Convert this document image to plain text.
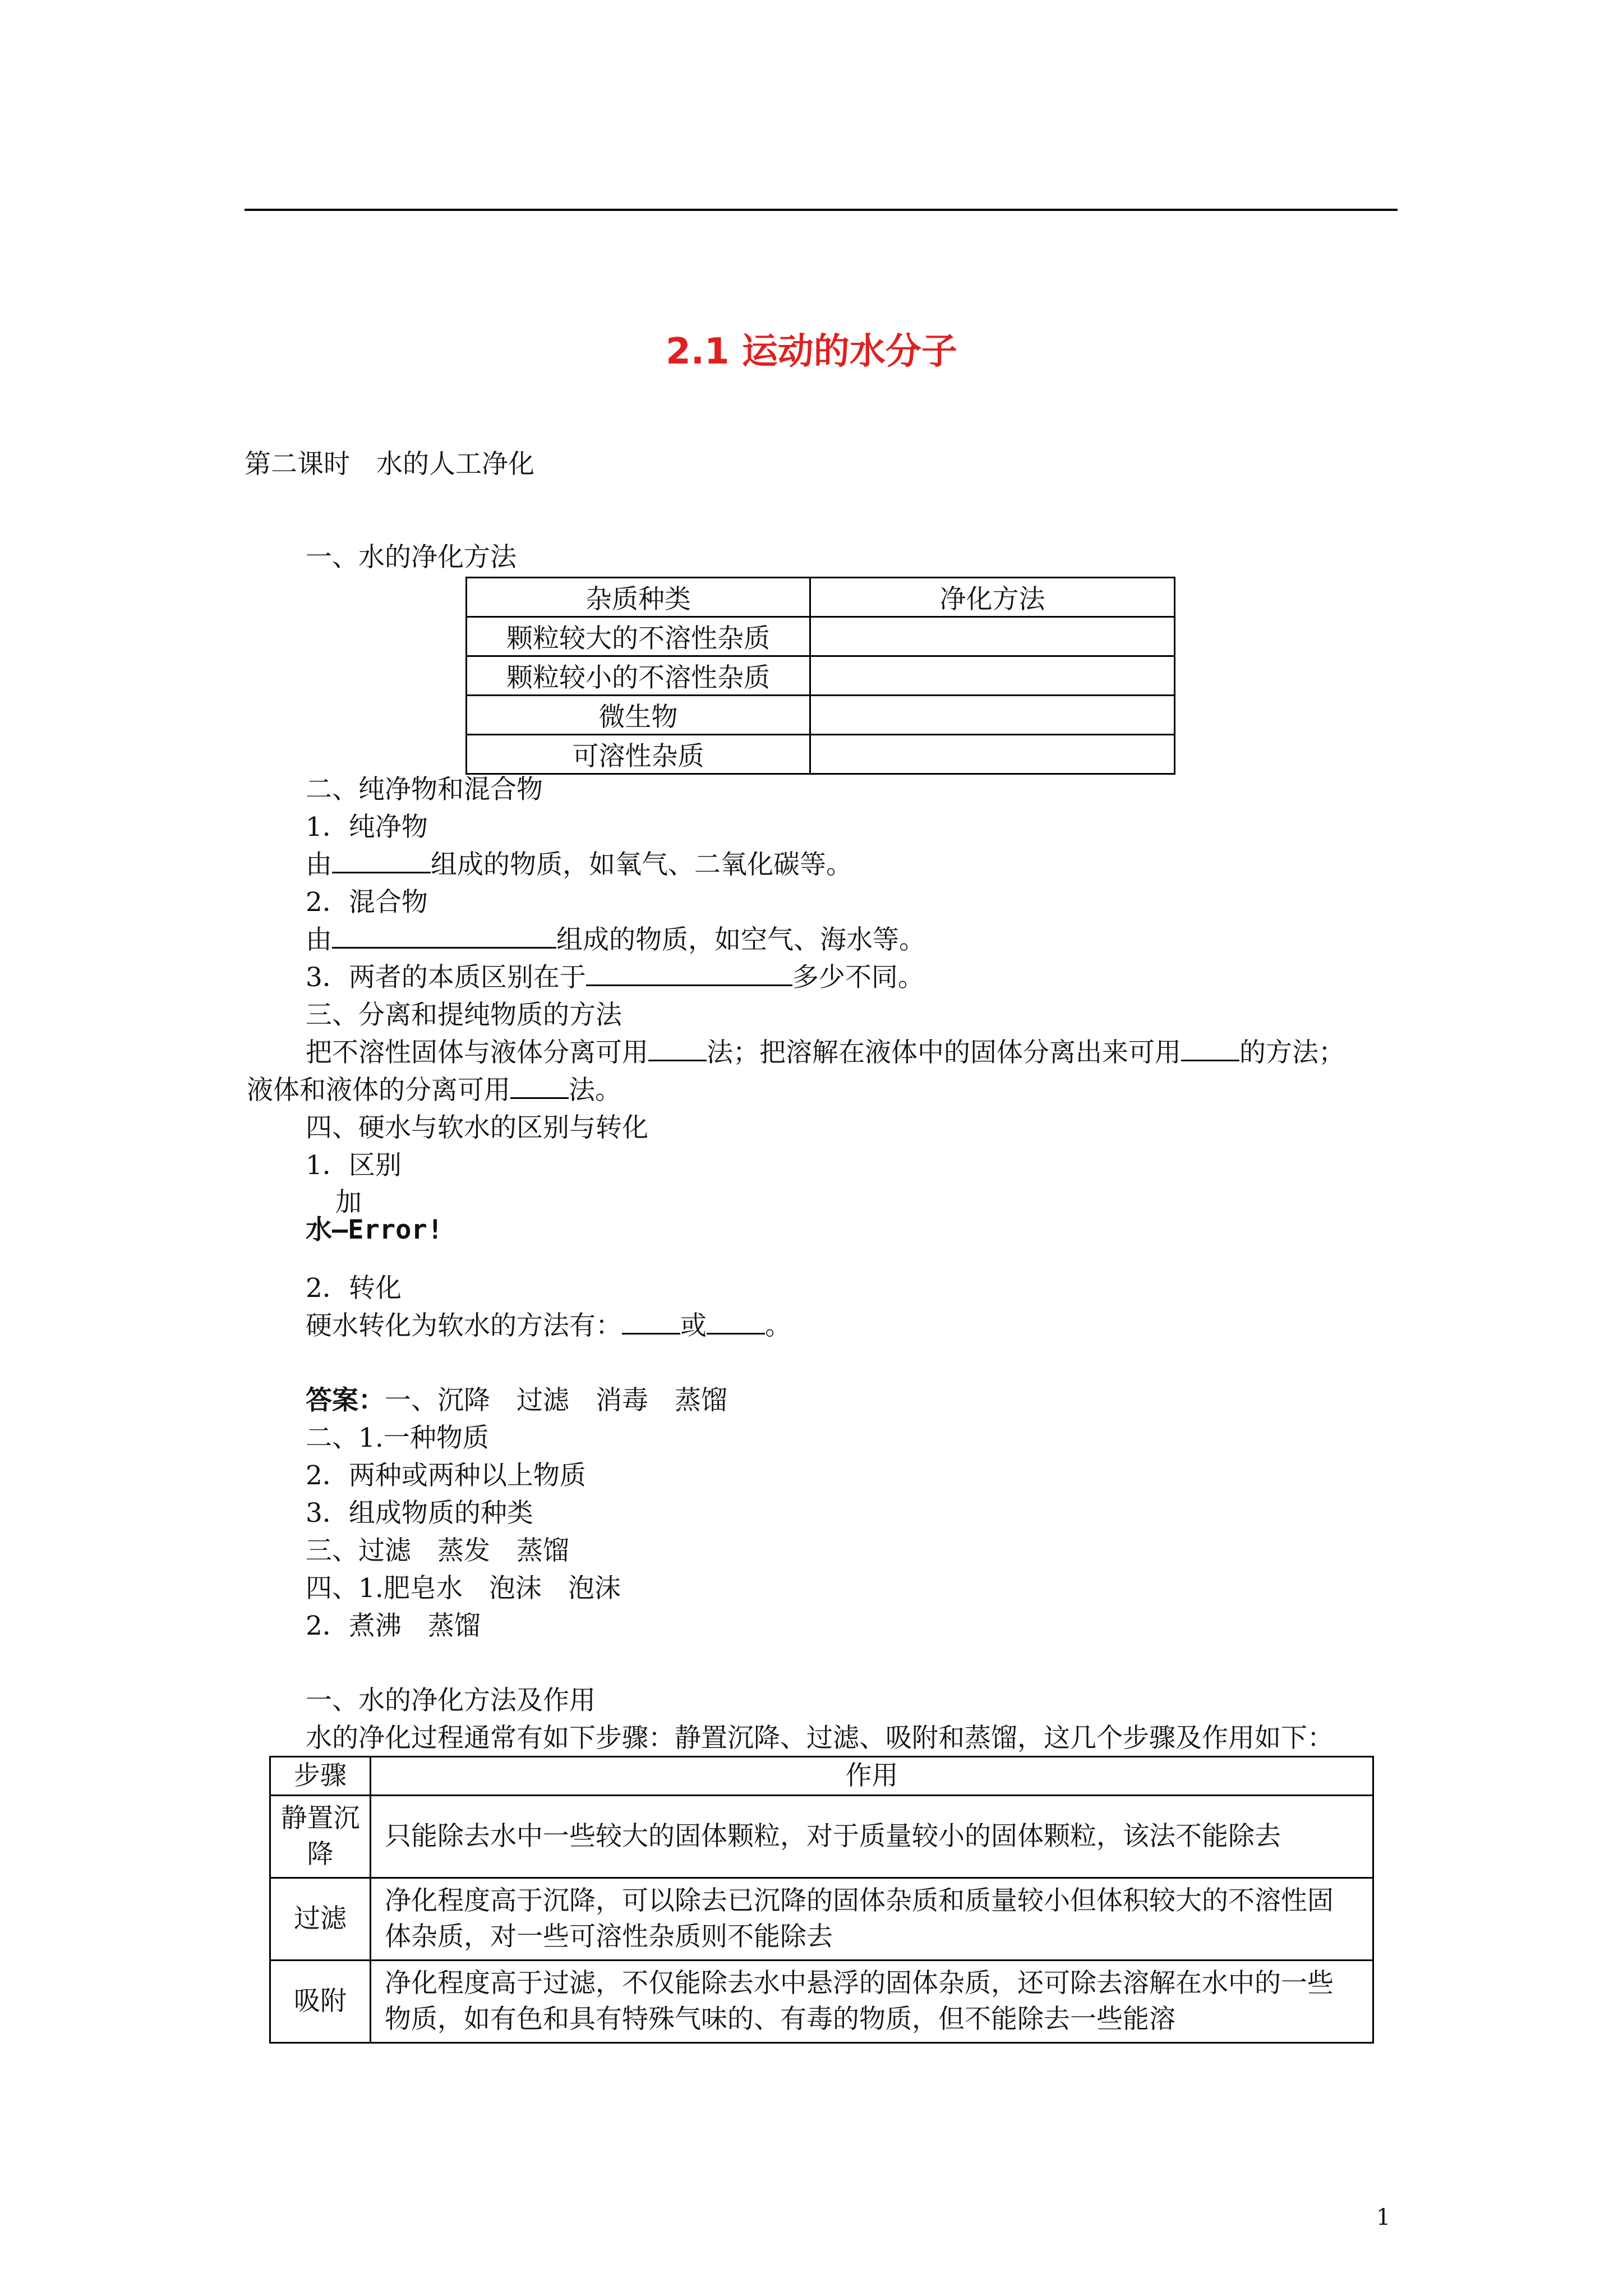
2.1 运动的水分子
第二课时　水的人工净化
一、水的净化方法
杂质种类	净化方法
颗粒较大的不溶性杂质	
颗粒较小的不溶性杂质	
微生物	
可溶性杂质	
二、纯净物和混合物
1．纯净物
由	组成的物质，如氧气、二氧化碳等。
2．混合物
由	组成的物质，如空气、海水等。
3．两者的本质区别在于	多少不同。
三、分离和提纯物质的方法
把不溶性固体与液体分离可用 法；把溶解在液体中的固体分离出来可用 的方法；
液体和液体的分离可用 法。
四、硬水与软水的区别与转化
1．区别
加
水—Error!
2．转化
硬水转化为软水的方法有： 或 。
答案：一、沉降　过滤　消毒　蒸馏
二、1.一种物质
2．两种或两种以上物质
3．组成物质的种类
三、过滤　蒸发　蒸馏
四、1.肥皂水　泡沫　泡沫
2．煮沸　蒸馏
一、水的净化方法及作用
水的净化过程通常有如下步骤：静置沉降、过滤、吸附和蒸馏，这几个步骤及作用如下：
步骤	作用
静置沉降	只能除去水中一些较大的固体颗粒，对于质量较小的固体颗粒，该法不能除去
过滤	净化程度高于沉降，可以除去已沉降的固体杂质和质量较小但体积较大的不溶性固体杂质，对一些可溶性杂质则不能除去
吸附	净化程度高于过滤，不仅能除去水中悬浮的固体杂质，还可除去溶解在水中的一些物质，如有色和具有特殊气味的、有毒的物质，但不能除去一些能溶
1
